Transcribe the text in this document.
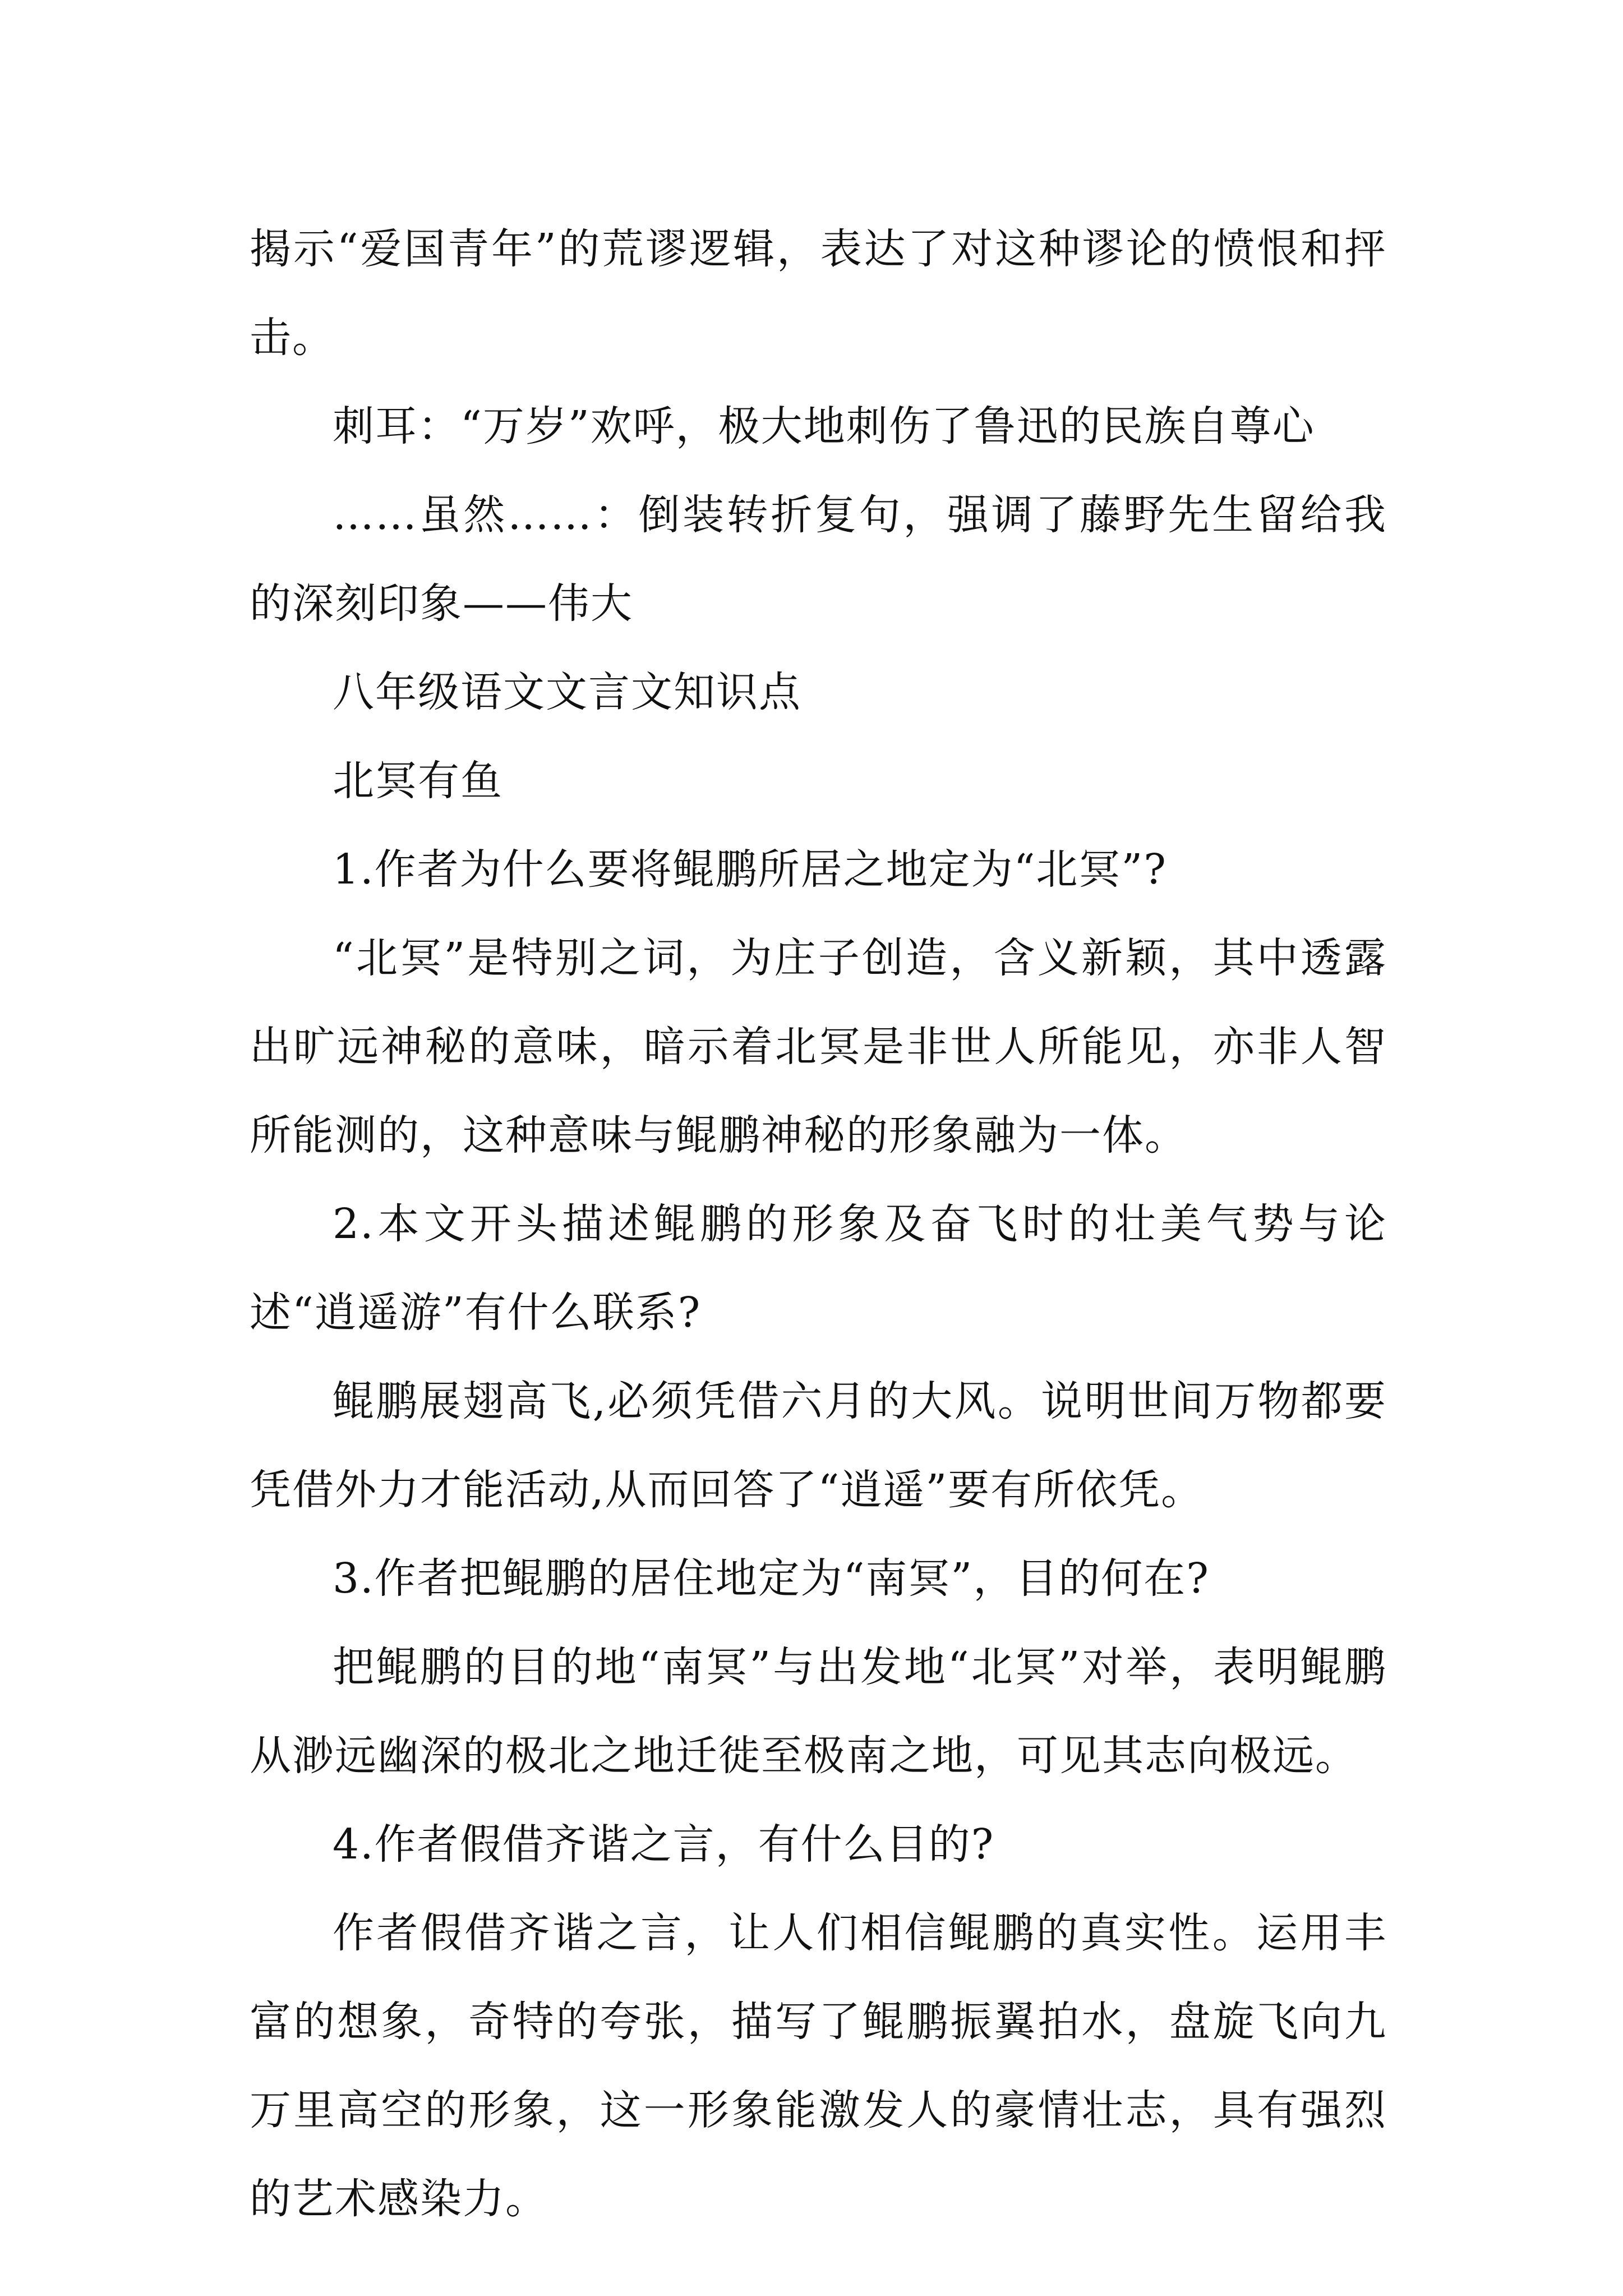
揭示“爱国青年”的荒谬逻辑，表达了对这种谬论的愤恨和抨击。

刺耳：“万岁”欢呼，极大地刺伤了鲁迅的民族自尊心

……虽然……：倒装转折复句，强调了藤野先生留给我的深刻印象——伟大

八年级语文文言文知识点

北冥有鱼

1.作者为什么要将鲲鹏所居之地定为“北冥”?

“北冥”是特别之词，为庄子创造，含义新颖，其中透露出旷远神秘的意味，暗示着北冥是非世人所能见，亦非人智所能测的，这种意味与鲲鹏神秘的形象融为一体。

2.本文开头描述鲲鹏的形象及奋飞时的壮美气势与论述“逍遥游”有什么联系?

鲲鹏展翅高飞,必须凭借六月的大风。说明世间万物都要凭借外力才能活动,从而回答了“逍遥”要有所依凭。

3.作者把鲲鹏的居住地定为“南冥”，目的何在?

把鲲鹏的目的地“南冥”与出发地“北冥”对举，表明鲲鹏从渺远幽深的极北之地迁徙至极南之地，可见其志向极远。

4.作者假借齐谐之言，有什么目的?

作者假借齐谐之言，让人们相信鲲鹏的真实性。运用丰富的想象，奇特的夸张，描写了鲲鹏振翼拍水，盘旋飞向九万里高空的形象，这一形象能激发人的豪情壮志，具有强烈的艺术感染力。
